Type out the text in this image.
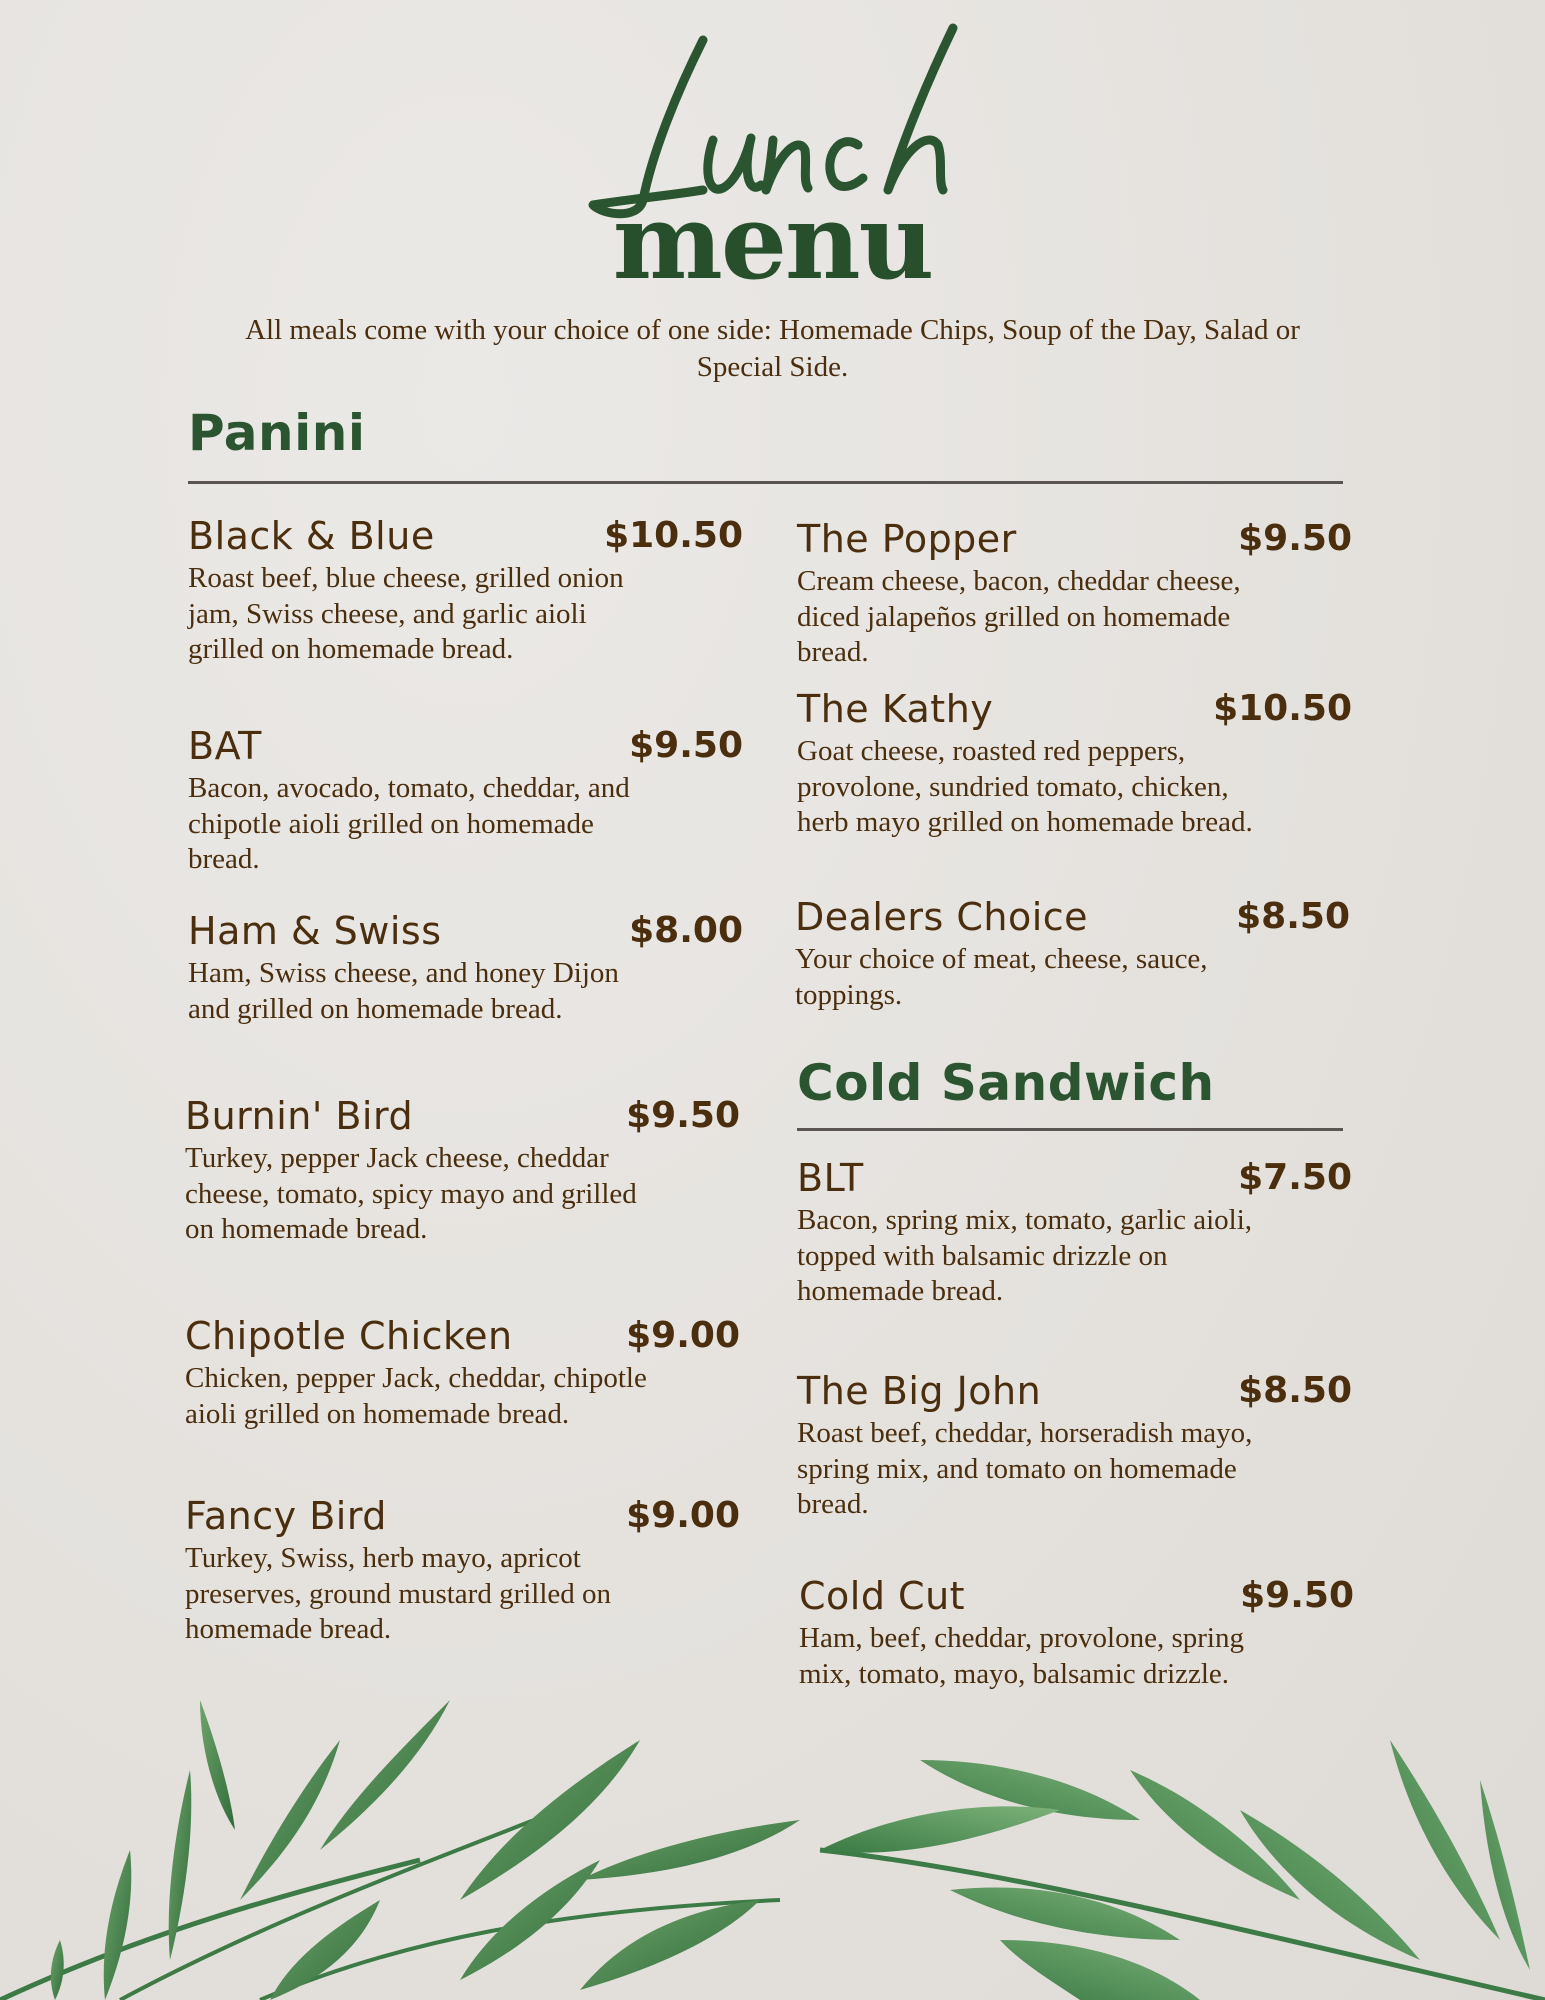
menu
All meals come with your choice of one side: Homemade Chips, Soup of the Day, Salad or Special Side.
Panini
Black & Blue	$10.50
Roast beef, blue cheese, grilled onion jam, Swiss cheese, and garlic aioli grilled on homemade bread.
BAT	$9.50
Bacon, avocado, tomato, cheddar, and chipotle aioli grilled on homemade bread.
Ham & Swiss	$8.00
Ham, Swiss cheese, and honey Dijon and grilled on homemade bread.
Burnin' Bird	$9.50
Turkey, pepper Jack cheese, cheddar cheese, tomato, spicy mayo and grilled on homemade bread.
Chipotle Chicken	$9.00
Chicken, pepper Jack, cheddar, chipotle aioli grilled on homemade bread.
Fancy Bird	$9.00
Turkey, Swiss, herb mayo, apricot preserves, ground mustard grilled on homemade bread.
The Popper	$9.50
Cream cheese, bacon, cheddar cheese, diced jalapeños grilled on homemade bread.
The Kathy	$10.50
Goat cheese, roasted red peppers, provolone, sundried tomato, chicken, herb mayo grilled on homemade bread.
Dealers Choice	$8.50
Your choice of meat, cheese, sauce, toppings.
Cold Sandwich
BLT	$7.50
Bacon, spring mix, tomato, garlic aioli, topped with balsamic drizzle on homemade bread.
The Big John	$8.50
Roast beef, cheddar, horseradish mayo, spring mix, and tomato on homemade bread.
Cold Cut	$9.50
Ham, beef, cheddar, provolone, spring mix, tomato, mayo, balsamic drizzle.
